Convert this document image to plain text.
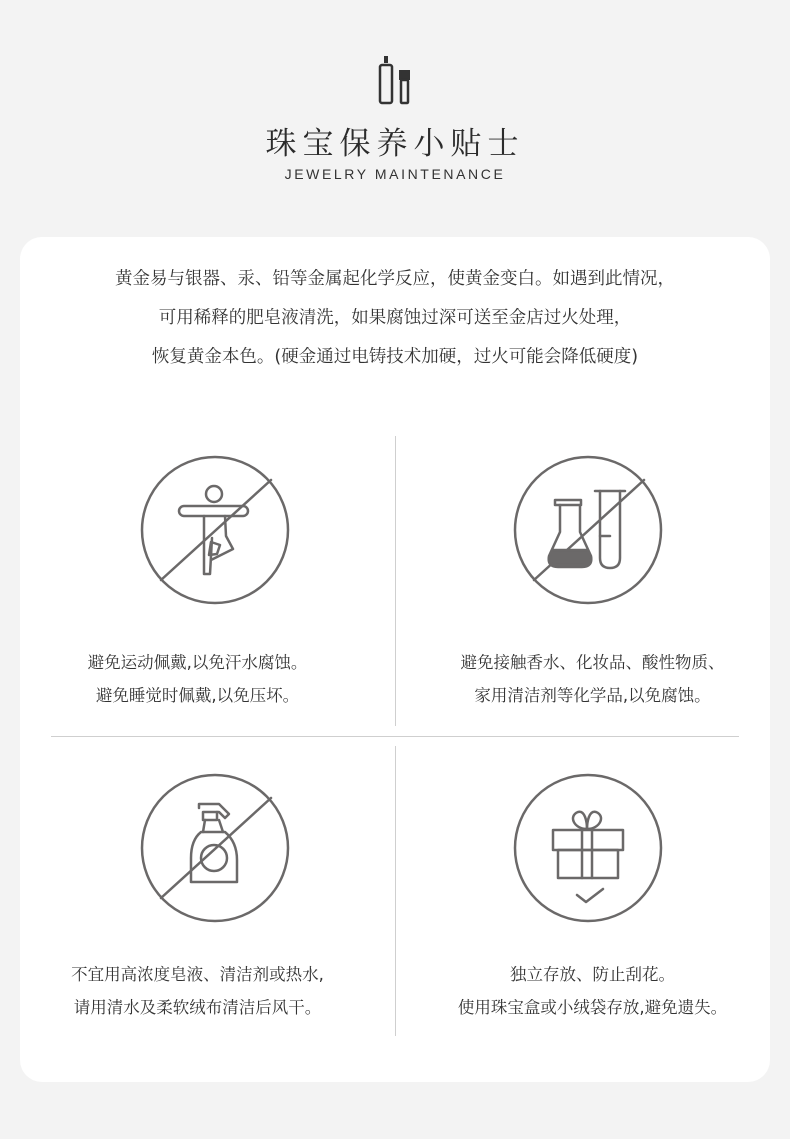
珠宝保养小贴士
JEWELRY MAINTENANCE
黄金易与银器、汞、铅等金属起化学反应，使黄金变白。如遇到此情况，
可用稀释的肥皂液清洗，如果腐蚀过深可送至金店过火处理，
恢复黄金本色。(硬金通过电铸技术加硬，过火可能会降低硬度)
避免运动佩戴,以免汗水腐蚀。
避免睡觉时佩戴,以免压坏。
避免接触香水、化妆品、酸性物质、
家用清洁剂等化学品,以免腐蚀。
不宜用高浓度皂液、清洁剂或热水,
请用清水及柔软绒布清洁后风干。
独立存放、防止刮花。
使用珠宝盒或小绒袋存放,避免遗失。
